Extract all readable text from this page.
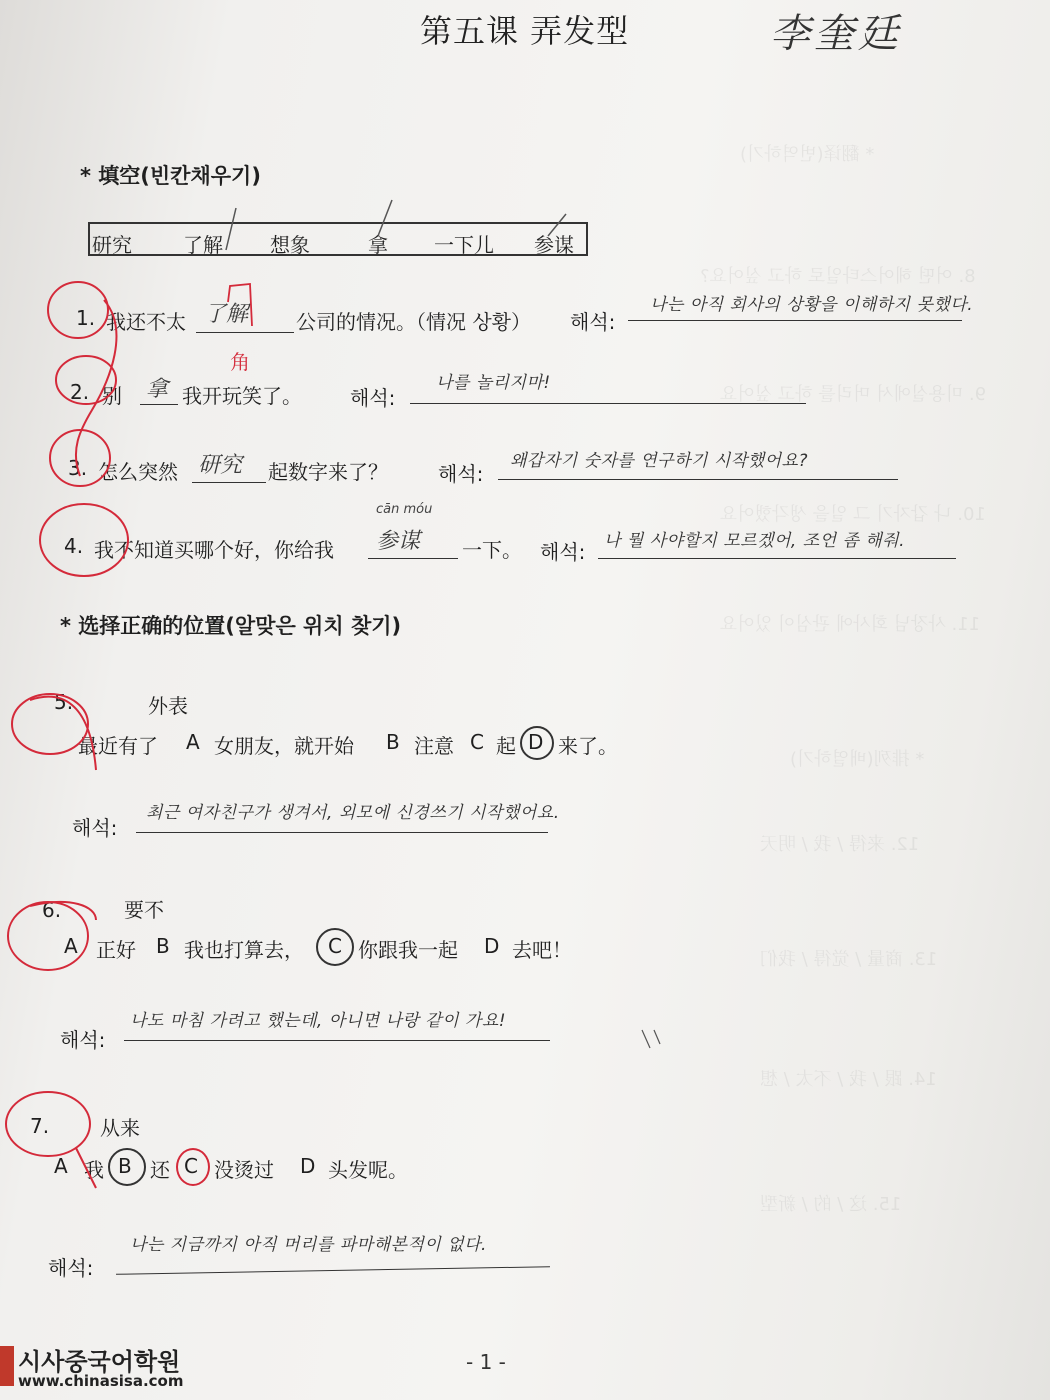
* 翻译(번역하기)
8. 어떤 헤어스타일로 하고 싶어요?
9. 미용실에서 머리를 하고 싶어요
10. 나 갑자기 그 일을 생각했어요
11. 사장님 회사에 관심이 있어요
* 排列(배열하기)
12. 来得 / 我 / 明天
13. 商量 / 觉得 / 我们
14. 跟 / 我 / 不太 / 想
15. 这 / 的 / 新型
第五课 弄发型	李奎廷
* 填空(빈칸채우기)
研究	了解 想象	拿 一下儿 参谋
1. 我还不太 了解 公司的情况。（情况 상황） 해석:
나는 아직 회사의 상황을 이해하지 못했다.
角
2. 别 拿 我开玩笑了。 해석:
나를 놀리지마!
3. 怎么突然 研究 起数字来了？	해석:
왜갑자기 숫자를 연구하기 시작했어요?
4. 我不知道买哪个好，你给我
cān móu
参谋 一下。 해석: 나 뭘 사야할지 모르겠어, 조언 좀 해줘.
* 选择正确的位置(알맞은 위치 찾기)
5.	外表
最近有了 A 女朋友，就开始 B 注意 C 起 D 来了。
해석:
최근 여자친구가 생겨서, 외모에 신경쓰기 시작했어요.
6.	要不
A 正好 B 我也打算去， C 你跟我一起 D 去吧！
해석:
나도 마침 가려고 했는데, 아니면 나랑 같이 가요!
7.	从来
A 我 B 还 C 没烫过 D 头发呢。
해석:
나는 지금까지 아직 머리를 파마해본적이 없다.
시사중국어학원
www.chinasisa.com
- 1 -
